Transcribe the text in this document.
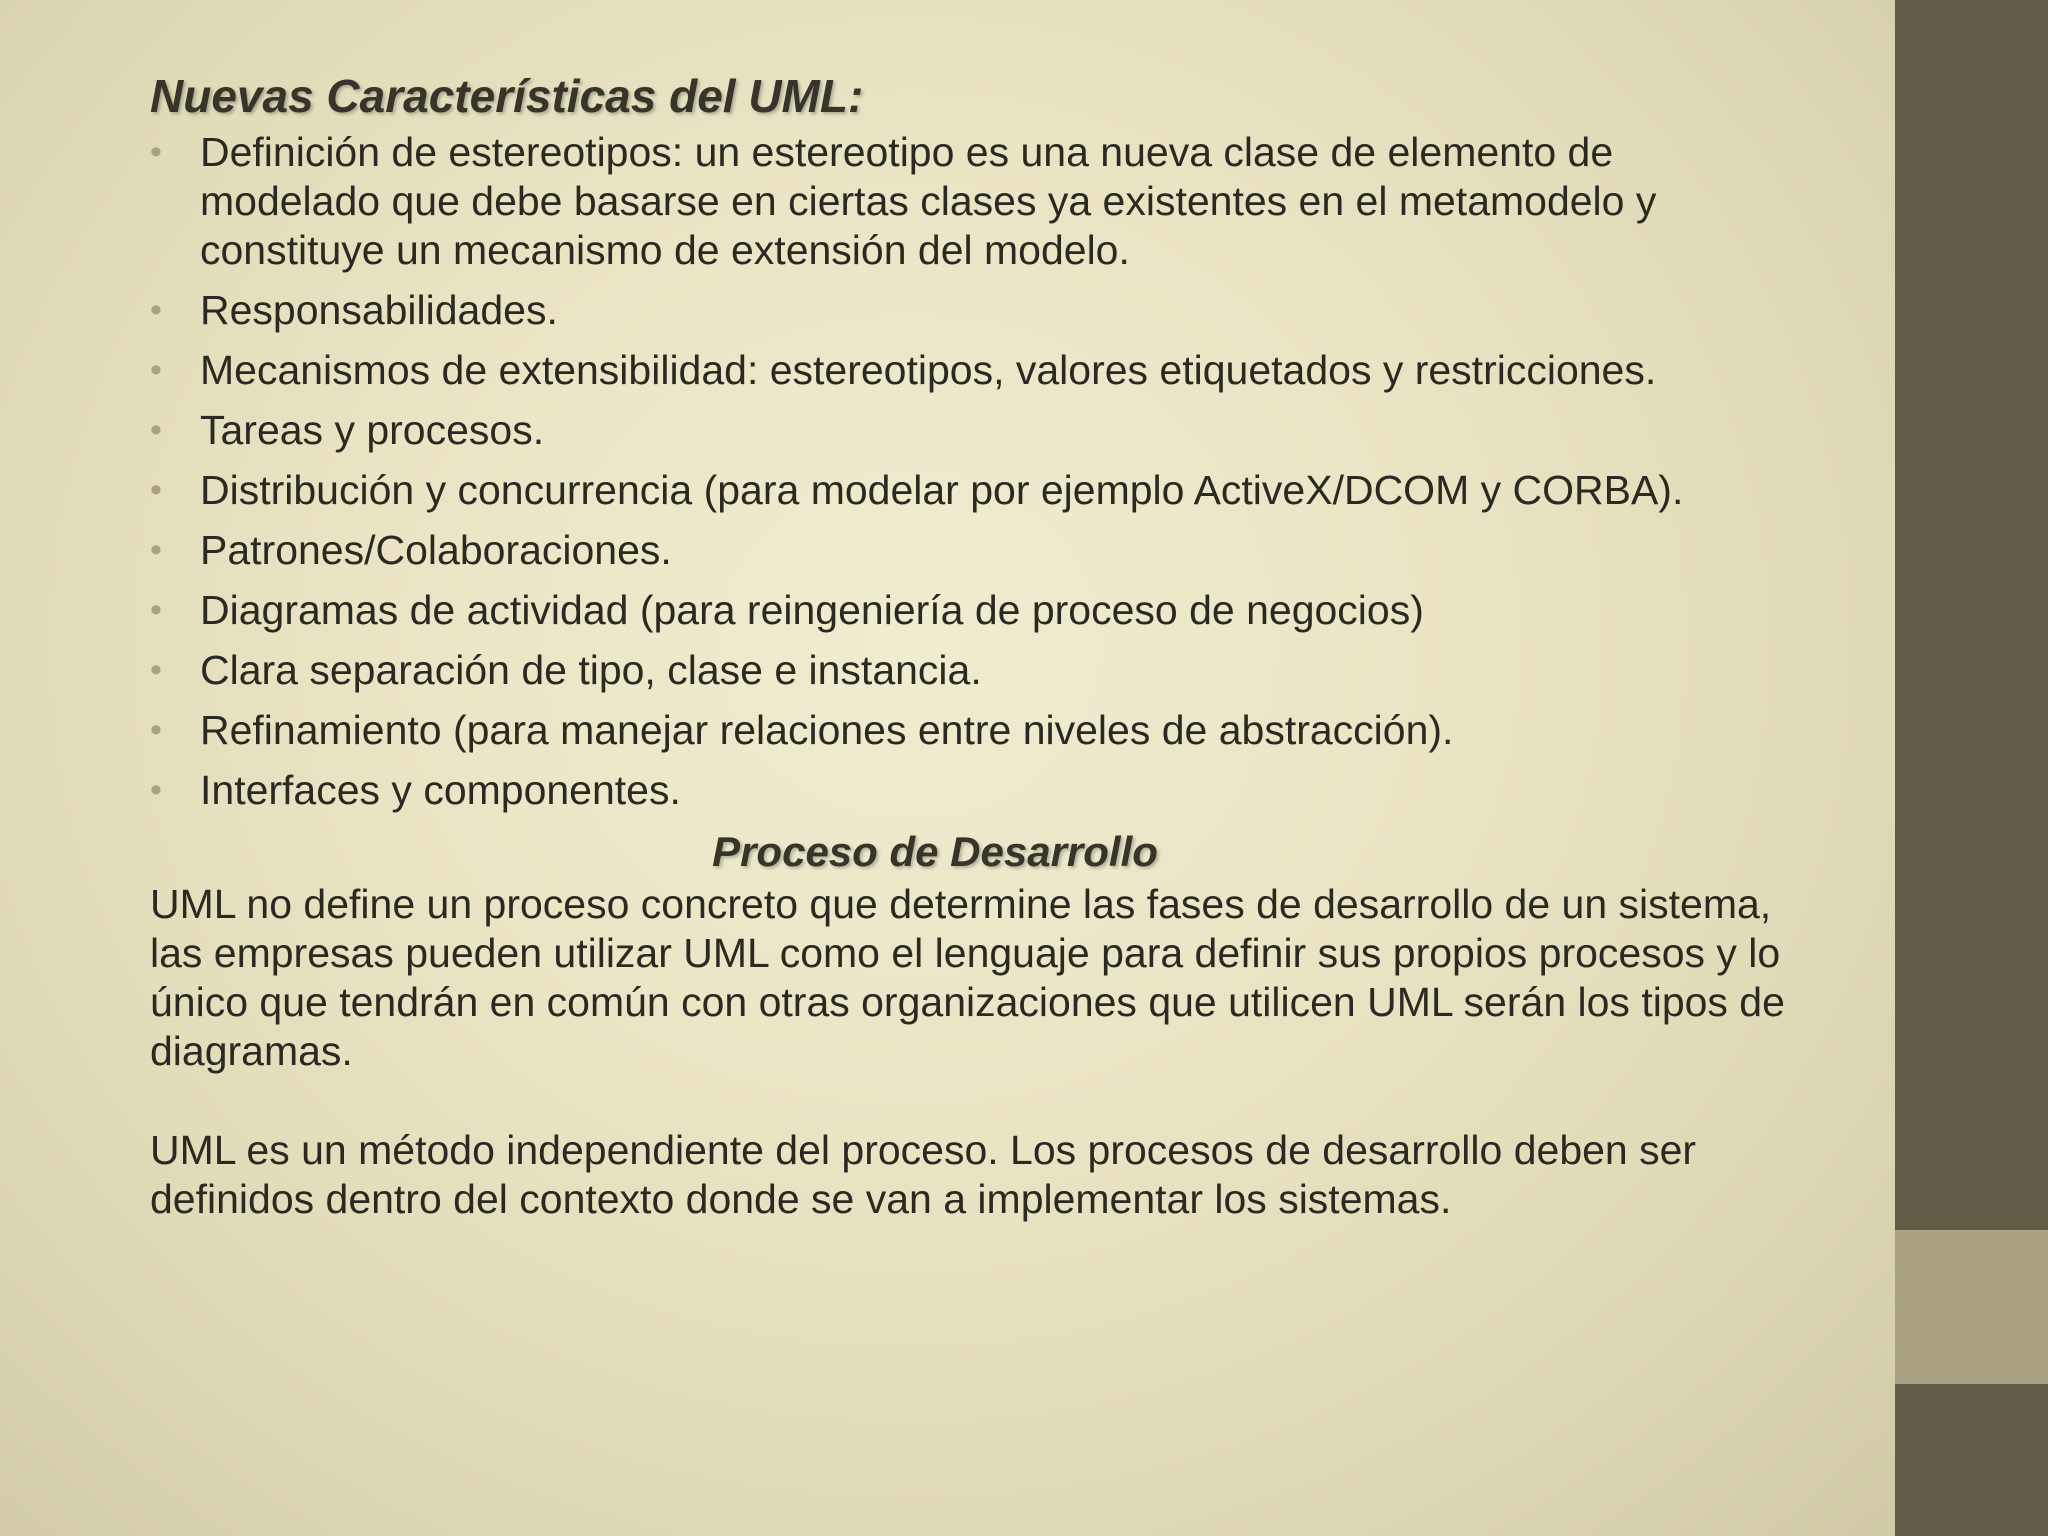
Nuevas Características del UML:
• Definición de estereotipos: un estereotipo es una nueva clase de elemento de modelado que debe basarse en ciertas clases ya existentes en el metamodelo y constituye un mecanismo de extensión del modelo.
• Responsabilidades.
• Mecanismos de extensibilidad: estereotipos, valores etiquetados y restricciones.
• Tareas y procesos.
• Distribución y concurrencia (para modelar por ejemplo ActiveX/DCOM y CORBA).
• Patrones/Colaboraciones.
• Diagramas de actividad (para reingeniería de proceso de negocios)
• Clara separación de tipo, clase e instancia.
• Refinamiento (para manejar relaciones entre niveles de abstracción).
• Interfaces y componentes.
Proceso de Desarrollo

UML no define un proceso concreto que determine las fases de desarrollo de un sistema, las empresas pueden utilizar UML como el lenguaje para definir sus propios procesos y lo único que tendrán en común con otras organizaciones que utilicen UML serán los tipos de diagramas.

UML es un método independiente del proceso. Los procesos de desarrollo deben ser definidos dentro del contexto donde se van a implementar los sistemas.
